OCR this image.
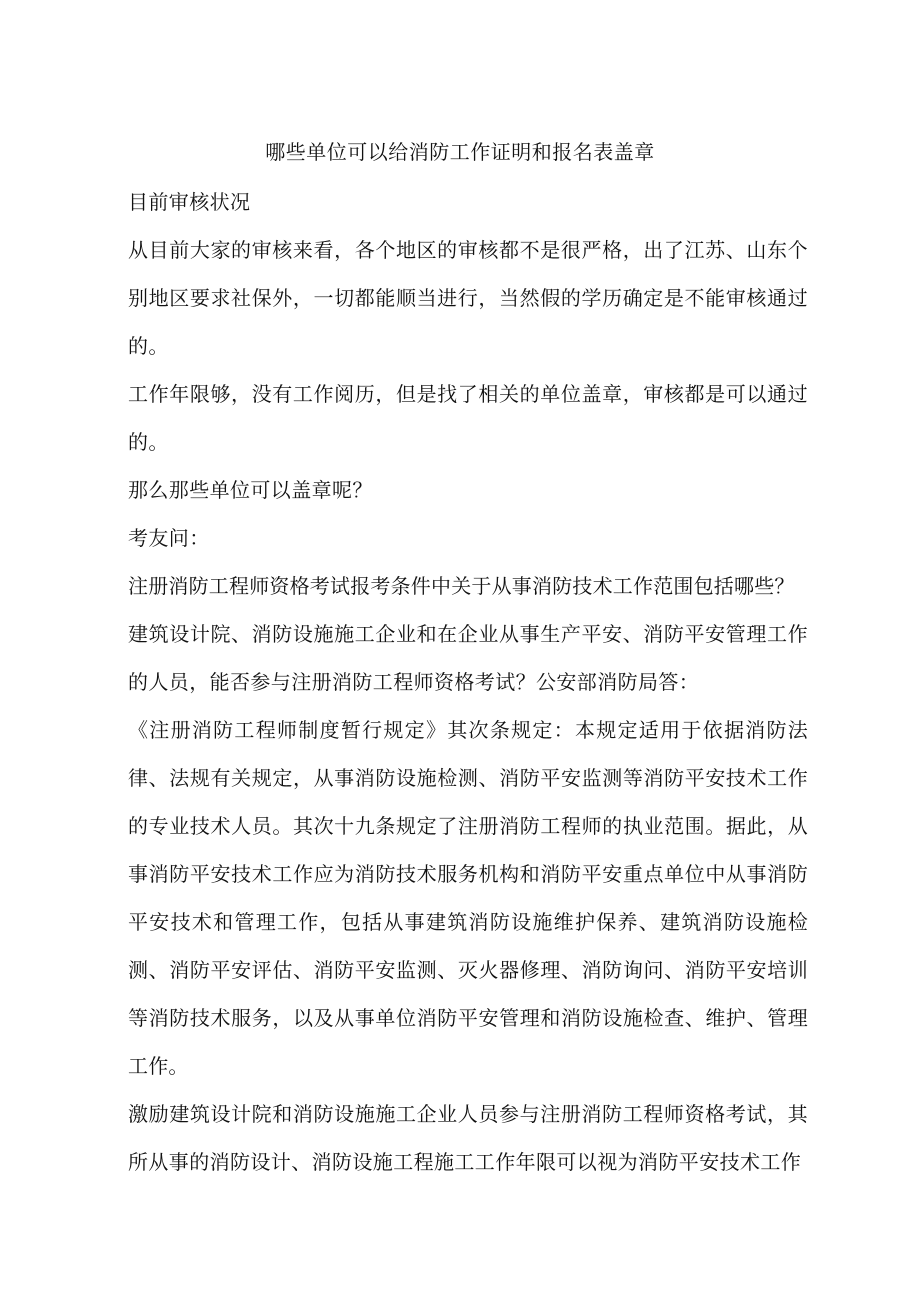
哪些单位可以给消防工作证明和报名表盖章

目前审核状况

从目前大家的审核来看，各个地区的审核都不是很严格，出了江苏、山东个别地区要求社保外，一切都能顺当进行，当然假的学历确定是不能审核通过的。

工作年限够，没有工作阅历，但是找了相关的单位盖章，审核都是可以通过的。

那么那些单位可以盖章呢？

考友问：

注册消防工程师资格考试报考条件中关于从事消防技术工作范围包括哪些？

建筑设计院、消防设施施工企业和在企业从事生产平安、消防平安管理工作的人员，能否参与注册消防工程师资格考试？公安部消防局答：

《注册消防工程师制度暂行规定》其次条规定：本规定适用于依据消防法律、法规有关规定，从事消防设施检测、消防平安监测等消防平安技术工作的专业技术人员。其次十九条规定了注册消防工程师的执业范围。据此，从事消防平安技术工作应为消防技术服务机构和消防平安重点单位中从事消防平安技术和管理工作，包括从事建筑消防设施维护保养、建筑消防设施检测、消防平安评估、消防平安监测、灭火器修理、消防询问、消防平安培训等消防技术服务，以及从事单位消防平安管理和消防设施检查、维护、管理工作。

激励建筑设计院和消防设施施工企业人员参与注册消防工程师资格考试，其所从事的消防设计、消防设施工程施工工作年限可以视为消防平安技术工作
